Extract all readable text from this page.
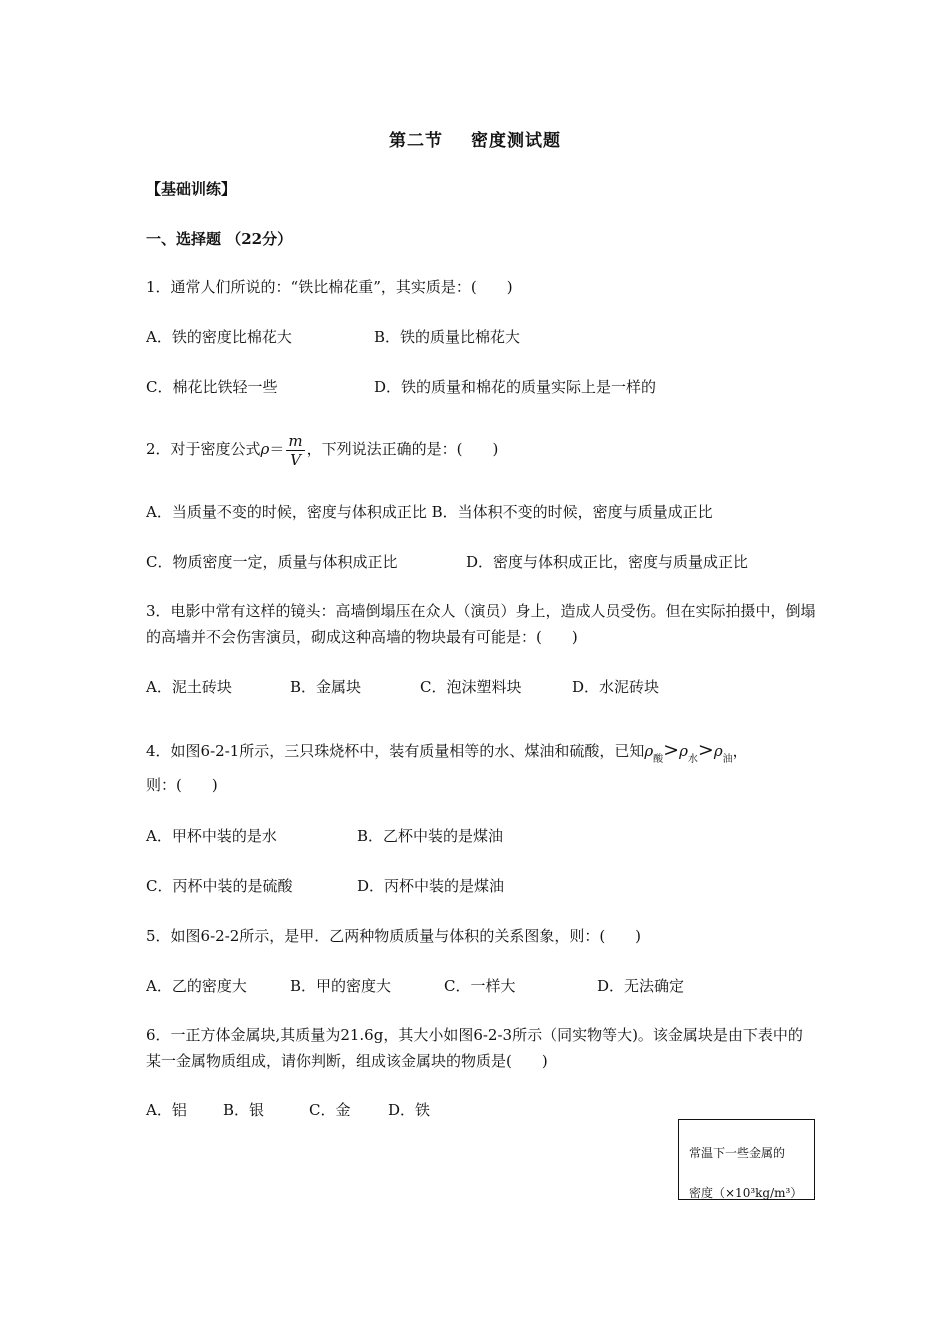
第二节 密度测试题
【基础训练】
一、选择题 （22分）
1．通常人们所说的：“铁比棉花重”，其实质是：(　　)
A．铁的密度比棉花大	B．铁的质量比棉花大
C．棉花比铁轻一些	D．铁的质量和棉花的质量实际上是一样的
2．对于密度公式$\rho= \frac{m}{V}$ ，下列说法正确的是：(　　)
A．当质量不变的时候，密度与体积成正比 B．当体积不变的时候，密度与质量成正比
C．物质密度一定，质量与体积成正比	D．密度与体积成正比，密度与质量成正比
3．电影中常有这样的镜头：高墙倒塌压在众人（演员）身上，造成人员受伤。但在实际拍摄中，倒塌的高墙并不会伤害演员，砌成这种高墙的物块最有可能是：(　　)
A．泥土砖块	B．金属块	C．泡沫塑料块	D．水泥砖块
4．如图6-2-1所示，三只珠烧杯中，装有质量相等的水、煤油和硫酸，已知$\rho_酸>\rho_水>\rho_油$，
则：(　　)
A．甲杯中装的是水	B．乙杯中装的是煤油
C．丙杯中装的是硫酸	D．丙杯中装的是煤油
5．如图6-2-2所示，是甲．乙两种物质质量与体积的关系图象，则：(　　)
A．乙的密度大	B．甲的密度大	C．一样大	D．无法确定
6．一正方体金属块,其质量为21.6g，其大小如图6-2-3所示（同实物等大)。该金属块是由下表中的某一金属物质组成，请你判断，组成该金属块的物质是(　　)
A．铝 B．银	C．金	D．铁
常温下一些金属的
密度（×10³kg/m³）
